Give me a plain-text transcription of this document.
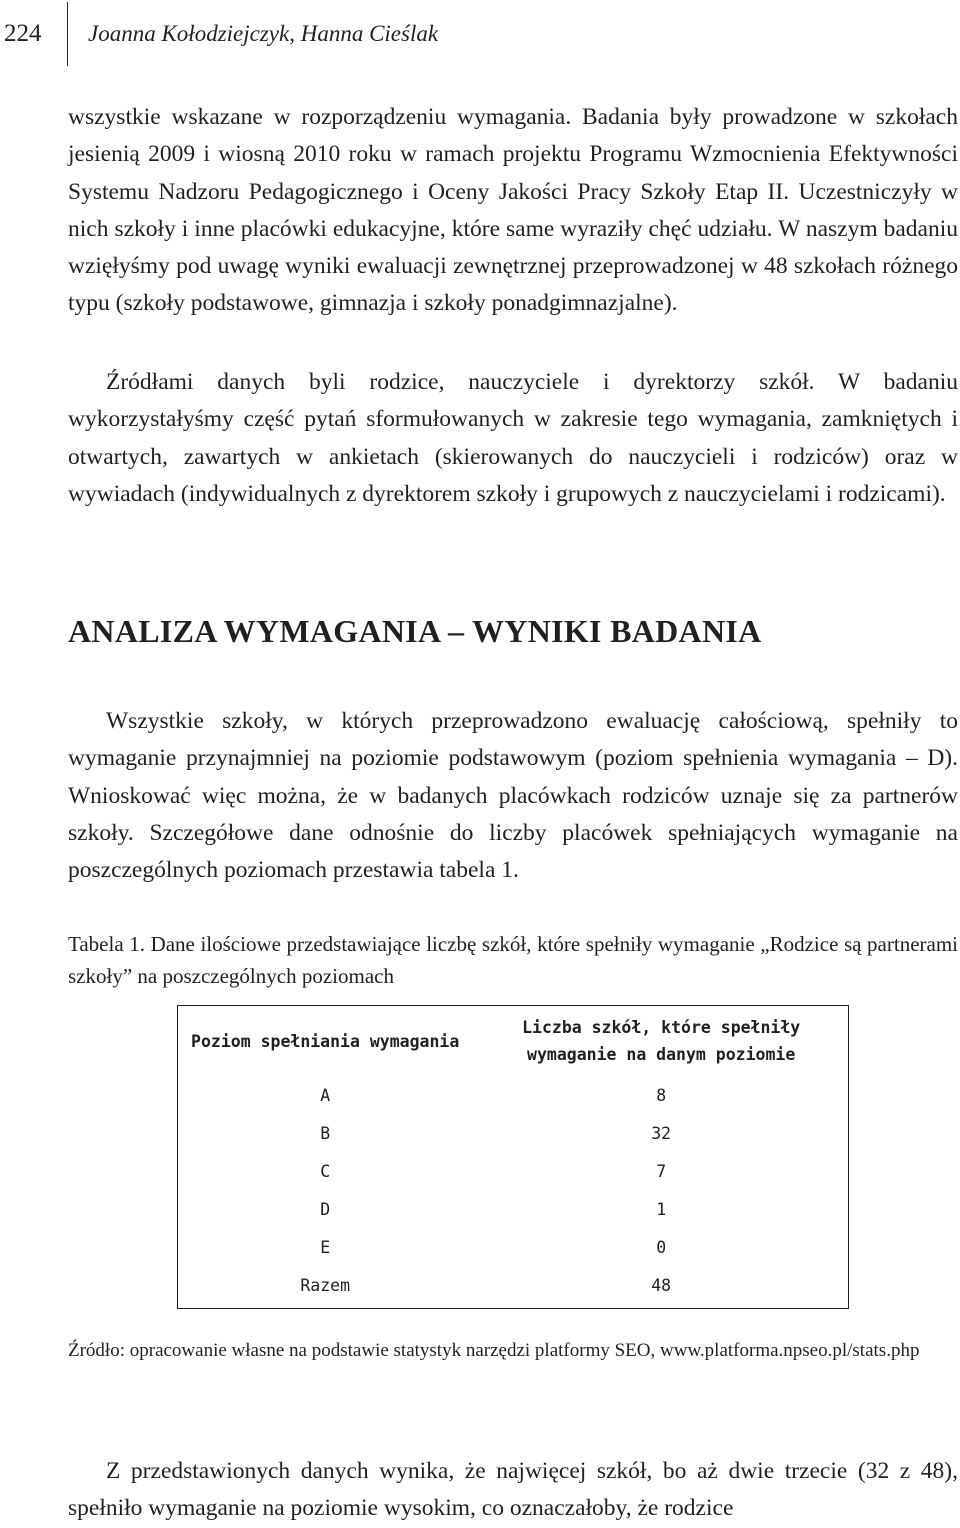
224 Joanna Kołodziejczyk, Hanna Cieślak

wszystkie wskazane w rozporządzeniu wymagania. Badania były prowadzone w szkołach jesienią 2009 i wiosną 2010 roku w ramach projektu Programu Wzmocnienia Efektywności Systemu Nadzoru Pedagogicznego i Oceny Jakości Pracy Szkoły Etap II. Uczestniczyły w nich szkoły i inne placówki edukacyjne, które same wyraziły chęć udziału. W naszym badaniu wzięłyśmy pod uwagę wyniki ewaluacji zewnętrznej przeprowadzonej w 48 szkołach różnego typu (szkoły podstawowe, gimnazja i szkoły ponadgimnazjalne).

Źródłami danych byli rodzice, nauczyciele i dyrektorzy szkół. W badaniu wykorzystałyśmy część pytań sformułowanych w zakresie tego wymagania, zamkniętych i otwartych, zawartych w ankietach (skierowanych do nauczycieli i rodziców) oraz w wywiadach (indywidualnych z dyrektorem szkoły i grupowych z nauczycielami i rodzicami).

ANALIZA WYMAGANIA – WYNIKI BADANIA

Wszystkie szkoły, w których przeprowadzono ewaluację całościową, spełniły to wymaganie przynajmniej na poziomie podstawowym (poziom spełnienia wymagania – D). Wnioskować więc można, że w badanych placówkach rodziców uznaje się za partnerów szkoły. Szczegółowe dane odnośnie do liczby placówek spełniających wymaganie na poszczególnych poziomach przestawia tabela 1.

Tabela 1. Dane ilościowe przedstawiające liczbę szkół, które spełniły wymaganie „Rodzice są partnerami szkoły” na poszczególnych poziomach

Poziom spełniania wymagania	Liczba szkół, które spełniły wymaganie na danym poziomie
A	8
B	32
C	7
D	1
E	0
Razem	48

Źródło: opracowanie własne na podstawie statystyk narzędzi platformy SEO, www.platforma.npseo.pl/stats.php

Z przedstawionych danych wynika, że najwięcej szkół, bo aż dwie trzecie (32 z 48), spełniło wymaganie na poziomie wysokim, co oznaczałoby, że rodzice
